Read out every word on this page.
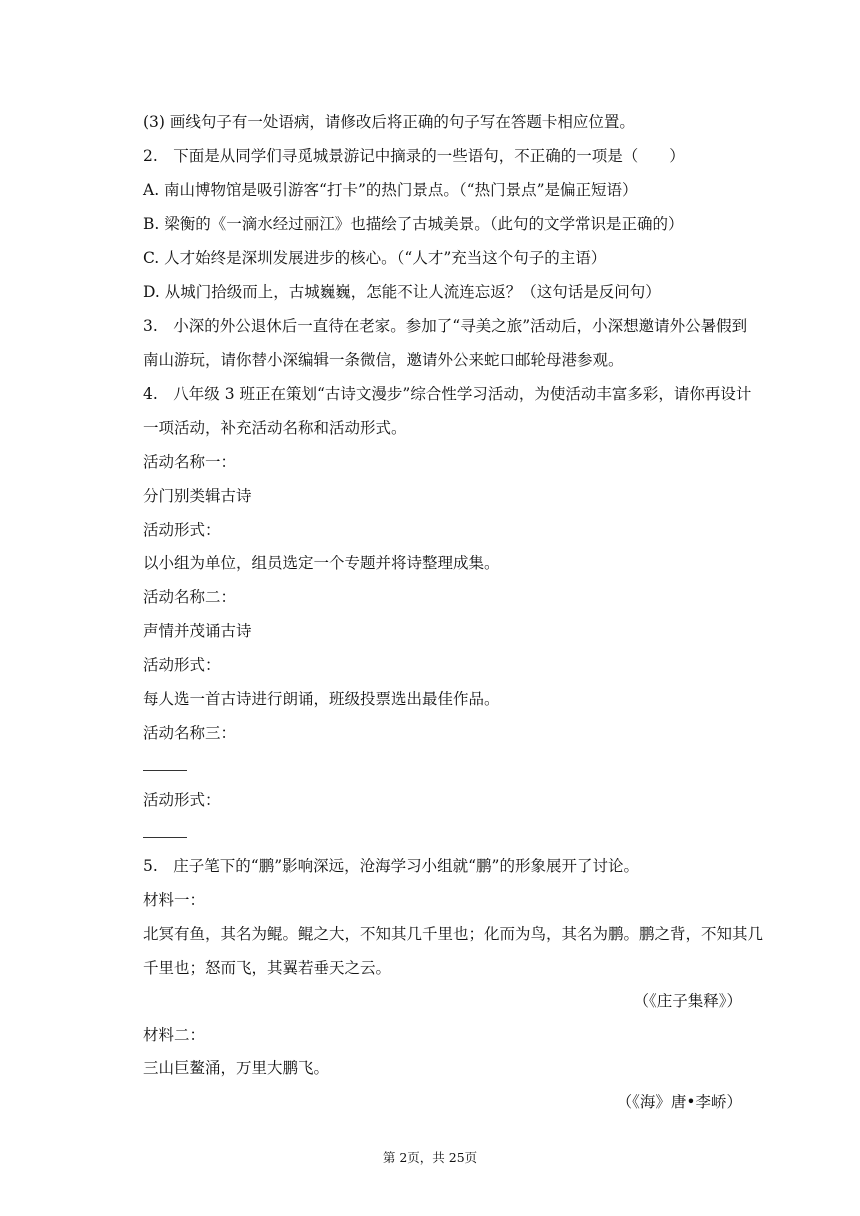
(3) 画线句子有一处语病，请修改后将正确的句子写在答题卡相应位置。
2.　下面是从同学们寻觅城景游记中摘录的一些语句，不正确的一项是（　　）
A. 南山博物馆是吸引游客“打卡”的热门景点。（“热门景点”是偏正短语）
B. 梁衡的《一滴水经过丽江》也描绘了古城美景。（此句的文学常识是正确的）
C. 人才始终是深圳发展进步的核心。（“人才”充当这个句子的主语）
D. 从城门拾级而上，古城巍巍，怎能不让人流连忘返？（这句话是反问句）
3.　小深的外公退休后一直待在老家。参加了“寻美之旅”活动后，小深想邀请外公暑假到
南山游玩，请你替小深编辑一条微信，邀请外公来蛇口邮轮母港参观。
4.　八年级 3 班正在策划“古诗文漫步”综合性学习活动，为使活动丰富多彩，请你再设计
一项活动，补充活动名称和活动形式。
活动名称一：
分门别类辑古诗
活动形式：
以小组为单位，组员选定一个专题并将诗整理成集。
活动名称二：
声情并茂诵古诗
活动形式：
每人选一首古诗进行朗诵，班级投票选出最佳作品。
活动名称三：
活动形式：
5.　庄子笔下的“鹏”影响深远，沧海学习小组就“鹏”的形象展开了讨论。
材料一：
北冥有鱼，其名为鲲。鲲之大，不知其几千里也；化而为鸟，其名为鹏。鹏之背，不知其几
千里也；怒而飞，其翼若垂天之云。
（《庄子集释》）
材料二：
三山巨鳌涌，万里大鹏飞。
（《海》唐•李峤）
第 2页，共 25页
